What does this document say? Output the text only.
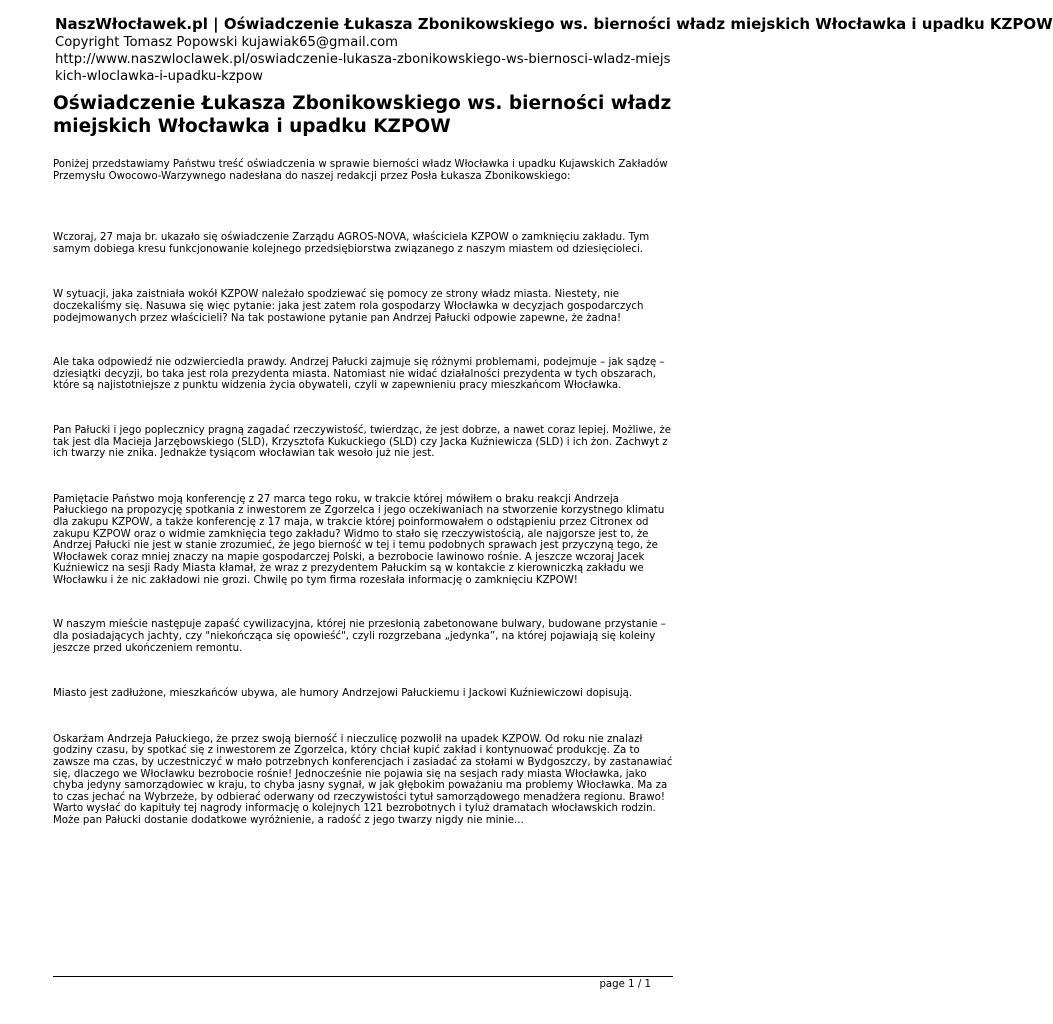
NaszWłocławek.pl | Oświadczenie Łukasza Zbonikowskiego ws. bierności władz miejskich Włocławka i upadku KZPOW

Copyright Tomasz Popowski kujawiak65@gmail.com

http://www.naszwloclawek.pl/oswiadczenie-lukasza-zbonikowskiego-ws-biernosci-wladz-miejskich-wloclawka-i-upadku-kzpow

Oświadczenie Łukasza Zbonikowskiego ws. bierności władz miejskich Włocławka i upadku KZPOW

Poniżej przedstawiamy Państwu treść oświadczenia w sprawie bierności władz Włocławka i upadku Kujawskich Zakładów Przemysłu Owocowo-Warzywnego nadesłana do naszej redakcji przez Posła Łukasza Zbonikowskiego:

Wczoraj, 27 maja br. ukazało się oświadczenie Zarządu AGROS-NOVA, właściciela KZPOW o zamknięciu zakładu. Tym samym dobiega kresu funkcjonowanie kolejnego przedsiębiorstwa związanego z naszym miastem od dziesięcioleci.

W sytuacji, jaka zaistniała wokół KZPOW należało spodziewać się pomocy ze strony władz miasta. Niestety, nie doczekaliśmy się. Nasuwa się więc pytanie: jaka jest zatem rola gospodarzy Włocławka w decyzjach gospodarczych podejmowanych przez właścicieli? Na tak postawione pytanie pan Andrzej Pałucki odpowie zapewne, że żadna!

Ale taka odpowiedź nie odzwierciedla prawdy. Andrzej Pałucki zajmuje się różnymi problemami, podejmuje – jak sądzę – dziesiątki decyzji, bo taka jest rola prezydenta miasta. Natomiast nie widać działalności prezydenta w tych obszarach, które są najistotniejsze z punktu widzenia życia obywateli, czyli w zapewnieniu pracy mieszkańcom Włocławka.

Pan Pałucki i jego poplecznicy pragną zagadać rzeczywistość, twierdząc, że jest dobrze, a nawet coraz lepiej. Możliwe, że tak jest dla Macieja Jarzębowskiego (SLD), Krzysztofa Kukuckiego (SLD) czy Jacka Kuźniewicza (SLD) i ich żon. Zachwyt z ich twarzy nie znika. Jednakże tysiącom włocławian tak wesoło już nie jest.

Pamiętacie Państwo moją konferencję z 27 marca tego roku, w trakcie której mówiłem o braku reakcji Andrzeja Pałuckiego na propozycję spotkania z inwestorem ze Zgorzelca i jego oczekiwaniach na stworzenie korzystnego klimatu dla zakupu KZPOW, a także konferencję z 17 maja, w trakcie której poinformowałem o odstąpieniu przez Citronex od zakupu KZPOW oraz o widmie zamknięcia tego zakładu? Widmo to stało się rzeczywistością, ale najgorsze jest to, że Andrzej Pałucki nie jest w stanie zrozumieć, że jego bierność w tej i temu podobnych sprawach jest przyczyną tego, że Włocławek coraz mniej znaczy na mapie gospodarczej Polski, a bezrobocie lawinowo rośnie. A jeszcze wczoraj Jacek Kuźniewicz na sesji Rady Miasta kłamał, że wraz z prezydentem Pałuckim są w kontakcie z kierowniczką zakładu we Włocławku i że nic zakładowi nie grozi. Chwilę po tym firma rozesłała informację o zamknięciu KZPOW!

W naszym mieście następuje zapaść cywilizacyjna, której nie przesłonią zabetonowane bulwary, budowane przystanie – dla posiadających jachty, czy "niekończąca się opowieść", czyli rozgrzebana „jedynka”, na której pojawiają się koleiny jeszcze przed ukończeniem remontu.

Miasto jest zadłużone, mieszkańców ubywa, ale humory Andrzejowi Pałuckiemu i Jackowi Kuźniewiczowi dopisują.

Oskarżam Andrzeja Pałuckiego, że przez swoją bierność i nieczulicę pozwolił na upadek KZPOW. Od roku nie znalazł godziny czasu, by spotkać się z inwestorem ze Zgorzelca, który chciał kupić zakład i kontynuować produkcję. Za to zawsze ma czas, by uczestniczyć w mało potrzebnych konferencjach i zasiadać za stołami w Bydgoszczy, by zastanawiać się, dlaczego we Włocławku bezrobocie rośnie! Jednocześnie nie pojawia się na sesjach rady miasta Włocławka, jako chyba jedyny samorządowiec w kraju, to chyba jasny sygnał, w jak głębokim poważaniu ma problemy Włocławka. Ma za to czas jechać na Wybrzeże, by odbierać oderwany od rzeczywistości tytuł samorządowego menadżera regionu. Brawo! Warto wysłać do kapituły tej nagrody informację o kolejnych 121 bezrobotnych i tyluż dramatach włocławskich rodzin. Może pan Pałucki dostanie dodatkowe wyróżnienie, a radość z jego twarzy nigdy nie minie...

page 1 / 1
